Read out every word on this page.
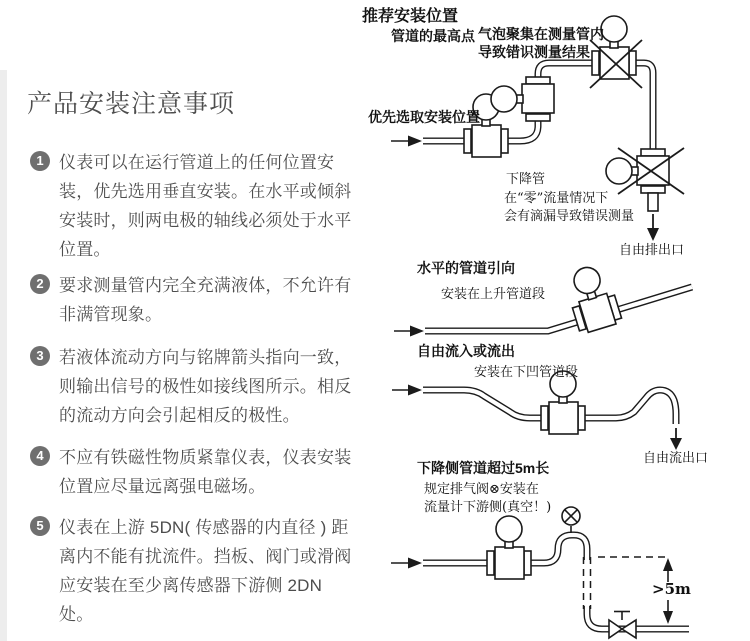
产品安装注意事项
1 仪表可以在运行管道上的任何位置安装，优先选用垂直安装。在水平或倾斜安装时，则两电极的轴线必须处于水平位置。
2 要求测量管内完全充满液体，不允许有非满管现象。
3 若液体流动方向与铭牌箭头指向一致，则输出信号的极性如接线图所示。相反的流动方向会引起相反的极性。
4 不应有铁磁性物质紧靠仪表，仪表安装位置应尽量远离强电磁场。
5 仪表在上游 5DN( 传感器的内直径 ) 距离内不能有扰流件。挡板、阀门或滑阀应安装在至少离传感器下游侧 2DN 处。
推荐安装位置
管道的最高点 气泡聚集在测量管内
导致错识测量结果
优先选取安装位置
下降管
在“零”流量情况下
会有滴漏导致错误测量
自由排出口
水平的管道引向
安装在上升管道段
自由流入或流出
安装在下凹管道段
自由流出口
下降侧管道超过5m长
规定排气阀⊗安装在
流量计下游侧(真空！)
>5m
